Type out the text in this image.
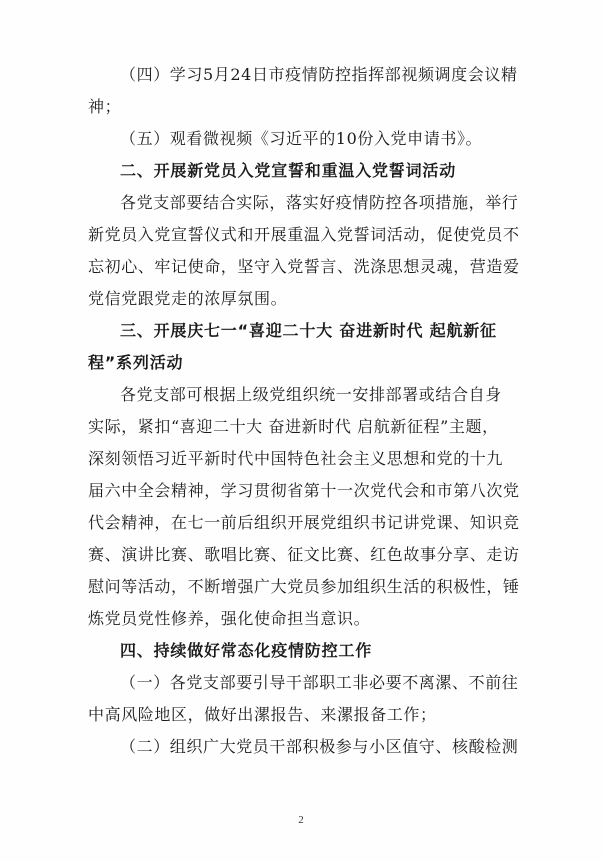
（四）学习5月24日市疫情防控指挥部视频调度会议精
神；
（五）观看微视频《习近平的10份入党申请书》。
二、开展新党员入党宣誓和重温入党誓词活动
各党支部要结合实际，落实好疫情防控各项措施，举行
新党员入党宣誓仪式和开展重温入党誓词活动，促使党员不
忘初心、牢记使命，坚守入党誓言、洗涤思想灵魂，营造爱
党信党跟党走的浓厚氛围。
三、开展庆七一“喜迎二十大 奋进新时代 起航新征
程”系列活动
各党支部可根据上级党组织统一安排部署或结合自身
实际，紧扣“喜迎二十大 奋进新时代 启航新征程”主题，
深刻领悟习近平新时代中国特色社会主义思想和党的十九
届六中全会精神，学习贯彻省第十一次党代会和市第八次党
代会精神，在七一前后组织开展党组织书记讲党课、知识竞
赛、演讲比赛、歌唱比赛、征文比赛、红色故事分享、走访
慰问等活动，不断增强广大党员参加组织生活的积极性，锤
炼党员党性修养，强化使命担当意识。
四、持续做好常态化疫情防控工作
（一）各党支部要引导干部职工非必要不离漯、不前往
中高风险地区，做好出漯报告、来漯报备工作；
（二）组织广大党员干部积极参与小区值守、核酸检测
2
